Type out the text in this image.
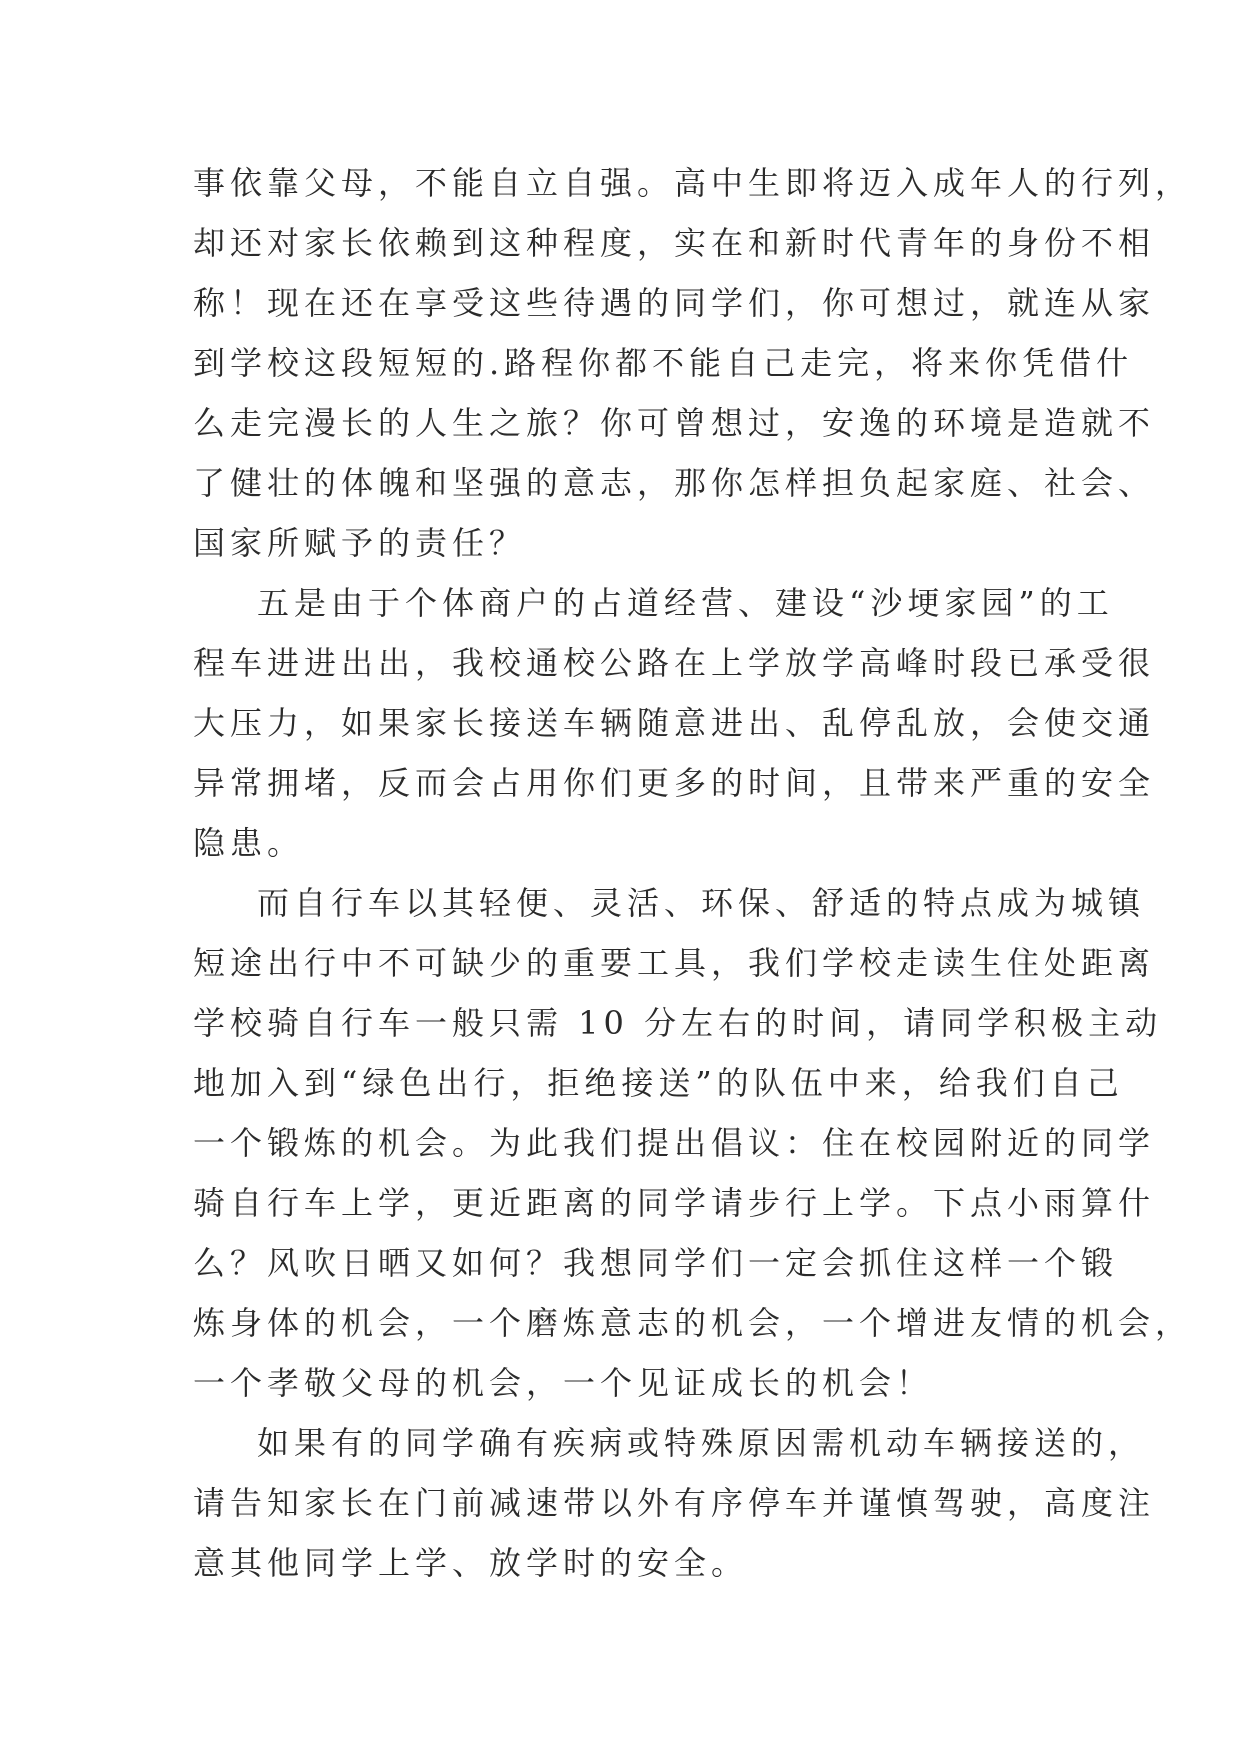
事依靠父母，不能自立自强。高中生即将迈入成年人的行列，
却还对家长依赖到这种程度，实在和新时代青年的身份不相
称！现在还在享受这些待遇的同学们，你可想过，就连从家
到学校这段短短的.路程你都不能自己走完，将来你凭借什
么走完漫长的人生之旅？你可曾想过，安逸的环境是造就不
了健壮的体魄和坚强的意志，那你怎样担负起家庭、社会、
国家所赋予的责任？
五是由于个体商户的占道经营、建设“沙埂家园”的工
程车进进出出，我校通校公路在上学放学高峰时段已承受很
大压力，如果家长接送车辆随意进出、乱停乱放，会使交通
异常拥堵，反而会占用你们更多的时间，且带来严重的安全
隐患。
而自行车以其轻便、灵活、环保、舒适的特点成为城镇
短途出行中不可缺少的重要工具，我们学校走读生住处距离
学校骑自行车一般只需 10 分左右的时间，请同学积极主动
地加入到“绿色出行，拒绝接送”的队伍中来，给我们自己
一个锻炼的机会。为此我们提出倡议：住在校园附近的同学
骑自行车上学，更近距离的同学请步行上学。下点小雨算什
么？风吹日晒又如何？我想同学们一定会抓住这样一个锻
炼身体的机会，一个磨炼意志的机会，一个增进友情的机会，
一个孝敬父母的机会，一个见证成长的机会！
如果有的同学确有疾病或特殊原因需机动车辆接送的，
请告知家长在门前减速带以外有序停车并谨慎驾驶，高度注
意其他同学上学、放学时的安全。
